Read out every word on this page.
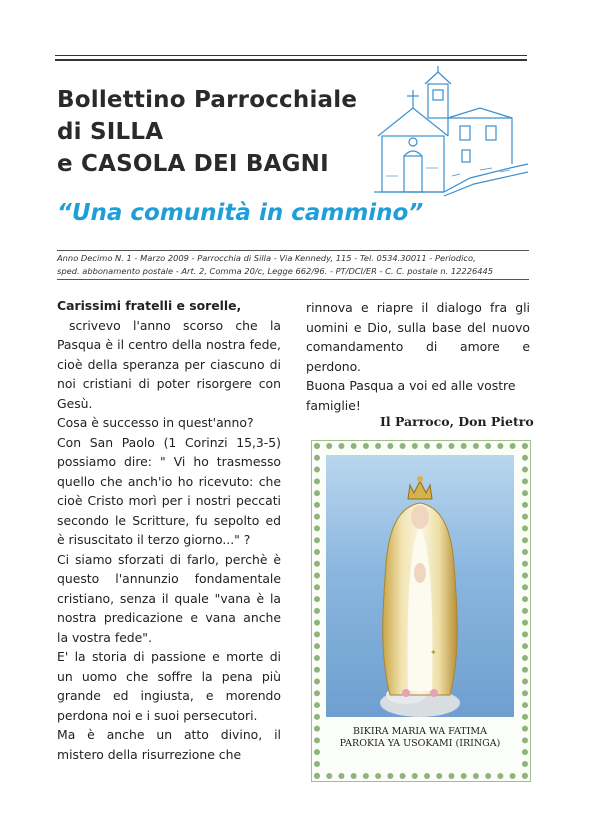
Bollettino Parrocchiale
di SILLA
e CASOLA DEI BAGNI
“Una comunità in cammino”
Anno Decimo N. 1 - Marzo 2009 - Parrocchia di Silla - Via Kennedy, 115 - Tel. 0534.30011 - Periodico,
sped. abbonamento postale - Art. 2, Comma 20/c, Legge 662/96. - PT/DCI/ER - C. C. postale n. 12226445

Carissimi fratelli e sorelle,

scrivevo l'anno scorso che la Pasqua è il centro della nostra fede, cioè della speranza per ciascuno di noi cristiani di poter risorgere con Gesù.

Cosa è successo in quest'anno?

Con San Paolo (1 Corinzi 15,3-5) possiamo dire: " Vi ho trasmesso quello che anch'io ho ricevuto: che cioè Cristo morì per i nostri peccati secondo le Scritture, fu sepolto ed è risuscitato il terzo giorno..." ?

Ci siamo sforzati di farlo, perchè è questo l'annunzio fondamentale cristiano, senza il quale "vana è la nostra predicazione e vana anche la vostra fede".

E' la storia di passione e morte di un uomo che soffre la pena più grande ed ingiusta, e morendo perdona noi e i suoi persecutori.

Ma è anche un atto divino, il mistero della risurrezione che

rinnova e riapre il dialogo fra gli uomini e Dio, sulla base del nuovo comandamento di amore e perdono.

Buona Pasqua a voi ed alle vostre famiglie!

Il Parroco, Don Pietro
✦
BIKIRA MARIA WA FATIMA
PAROKIA YA USOKAMI (IRINGA)
